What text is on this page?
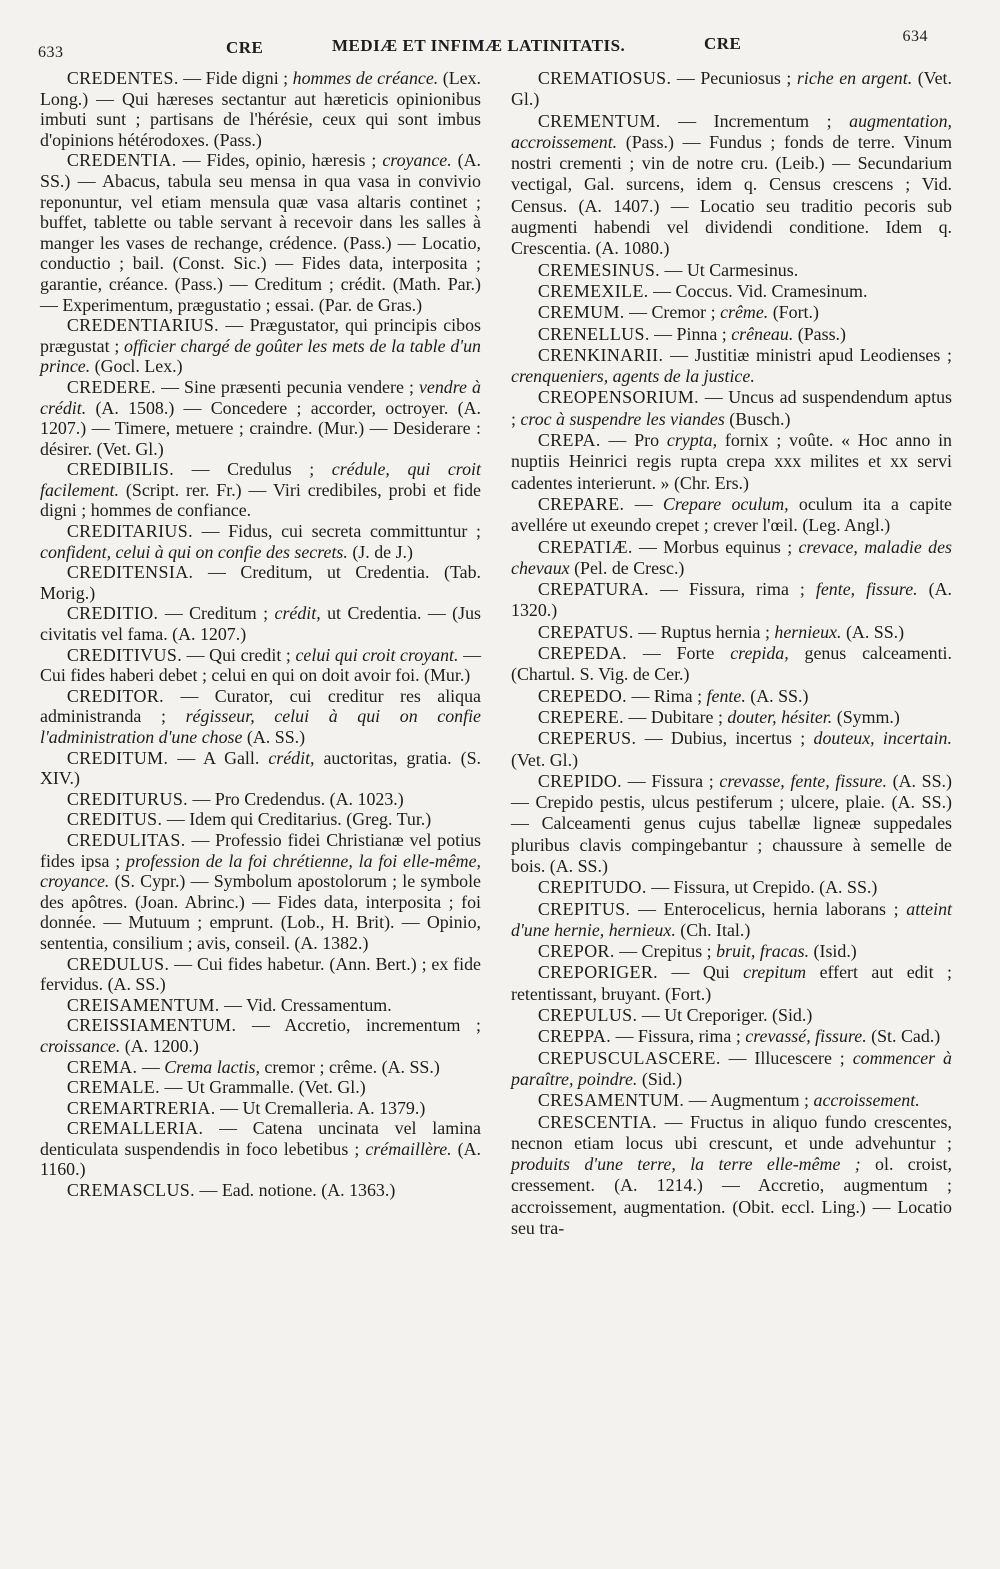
633	CRE	MEDIÆ ET INFIMÆ LATINITATIS.	CRE	634

CREDENTES. — Fide digni ; hommes de créance. (Lex. Long.) — Qui hæreses sectantur aut hæreticis opinionibus imbuti sunt ; partisans de l'hérésie, ceux qui sont imbus d'opinions hétérodoxes. (Pass.)

CREDENTIA. — Fides, opinio, hæresis ; croyance. (A. SS.) — Abacus, tabula seu mensa in qua vasa in convivio reponuntur, vel etiam mensula quæ vasa altaris continet ; buffet, tablette ou table servant à recevoir dans les salles à manger les vases de rechange, crédence. (Pass.) — Locatio, conductio ; bail. (Const. Sic.) — Fides data, interposita ; garantie, créance. (Pass.) — Creditum ; crédit. (Math. Par.) — Experimentum, prægustatio ; essai. (Par. de Gras.)

CREDENTIARIUS. — Prægustator, qui principis cibos prægustat ; officier chargé de goûter les mets de la table d'un prince. (Gocl. Lex.)

CREDERE. — Sine præsenti pecunia vendere ; vendre à crédit. (A. 1508.) — Concedere ; accorder, octroyer. (A. 1207.) — Timere, metuere ; craindre. (Mur.) — Desiderare : désirer. (Vet. Gl.)

CREDIBILIS. — Credulus ; crédule, qui croit facilement. (Script. rer. Fr.) — Viri credibiles, probi et fide digni ; hommes de confiance.

CREDITARIUS. — Fidus, cui secreta committuntur ; confident, celui à qui on confie des secrets. (J. de J.)

CREDITENSIA. — Creditum, ut Credentia. (Tab. Morig.)

CREDITIO. — Creditum ; crédit, ut Credentia. — (Jus civitatis vel fama. (A. 1207.)

CREDITIVUS. — Qui credit ; celui qui croit croyant. — Cui fides haberi debet ; celui en qui on doit avoir foi. (Mur.)

CREDITOR. — Curator, cui creditur res aliqua administranda ; régisseur, celui à qui on confie l'administration d'une chose (A. SS.)

CREDITUM. — A Gall. crédit, auctoritas, gratia. (S. XIV.)

CREDITURUS. — Pro Credendus. (A. 1023.)

CREDITUS. — Idem qui Creditarius. (Greg. Tur.)

CREDULITAS. — Professio fidei Christianæ vel potius fides ipsa ; profession de la foi chrétienne, la foi elle-même, croyance. (S. Cypr.) — Symbolum apostolorum ; le symbole des apôtres. (Joan. Abrinc.) — Fides data, interposita ; foi donnée. — Mutuum ; emprunt. (Lob., H. Brit). — Opinio, sententia, consilium ; avis, conseil. (A. 1382.)

CREDULUS. — Cui fides habetur. (Ann. Bert.) ; ex fide fervidus. (A. SS.)

CREISAMENTUM. — Vid. Cressamentum.

CREISSIAMENTUM. — Accretio, incrementum ; croissance. (A. 1200.)

CREMA. — Crema lactis, cremor ; crême. (A. SS.)

CREMALE. — Ut Grammalle. (Vet. Gl.)

CREMARTRERIA. — Ut Cremalleria. A. 1379.)

CREMALLERIA. — Catena uncinata vel lamina denticulata suspendendis in foco lebetibus ; crémaillère. (A. 1160.)

CREMASCLUS. — Ead. notione. (A. 1363.)

CREMATIOSUS. — Pecuniosus ; riche en argent. (Vet. Gl.)

CREMENTUM. — Incrementum ; augmentation, accroissement. (Pass.) — Fundus ; fonds de terre. Vinum nostri crementi ; vin de notre cru. (Leib.) — Secundarium vectigal, Gal. surcens, idem q. Census crescens ; Vid. Census. (A. 1407.) — Locatio seu traditio pecoris sub augmenti habendi vel dividendi conditione. Idem q. Crescentia. (A. 1080.)

CREMESINUS. — Ut Carmesinus.

CREMEXILE. — Coccus. Vid. Cramesinum.

CREMUM. — Cremor ; crême. (Fort.)

CRENELLUS. — Pinna ; crêneau. (Pass.)

CRENKINARII. — Justitiæ ministri apud Leodienses ; crenqueniers, agents de la justice.

CREOPENSORIUM. — Uncus ad suspendendum aptus ; croc à suspendre les viandes (Busch.)

CREPA. — Pro crypta, fornix ; voûte. « Hoc anno in nuptiis Heinrici regis rupta crepa xxx milites et xx servi cadentes interierunt. » (Chr. Ers.)

CREPARE. — Crepare oculum, oculum ita a capite avellére ut exeundo crepet ; crever l'œil. (Leg. Angl.)

CREPATIÆ. — Morbus equinus ; crevace, maladie des chevaux (Pel. de Cresc.)

CREPATURA. — Fissura, rima ; fente, fissure. (A. 1320.)

CREPATUS. — Ruptus hernia ; hernieux. (A. SS.)

CREPEDA. — Forte crepida, genus calceamenti. (Chartul. S. Vig. de Cer.)

CREPEDO. — Rima ; fente. (A. SS.)

CREPERE. — Dubitare ; douter, hésiter. (Symm.)

CREPERUS. — Dubius, incertus ; douteux, incertain. (Vet. Gl.)

CREPIDO. — Fissura ; crevasse, fente, fissure. (A. SS.) — Crepido pestis, ulcus pestiferum ; ulcere, plaie. (A. SS.) — Calceamenti genus cujus tabellæ ligneæ suppedales pluribus clavis compingebantur ; chaussure à semelle de bois. (A. SS.)

CREPITUDO. — Fissura, ut Crepido. (A. SS.)

CREPITUS. — Enterocelicus, hernia laborans ; atteint d'une hernie, hernieux. (Ch. Ital.)

CREPOR. — Crepitus ; bruit, fracas. (Isid.)

CREPORIGER. — Qui crepitum effert aut edit ; retentissant, bruyant. (Fort.)

CREPULUS. — Ut Creporiger. (Sid.)

CREPPA. — Fissura, rima ; crevassé, fissure. (St. Cad.)

CREPUSCULASCERE. — Illucescere ; commencer à paraître, poindre. (Sid.)

CRESAMENTUM. — Augmentum ; accroissement.

CRESCENTIA. — Fructus in aliquo fundo crescentes, necnon etiam locus ubi crescunt, et unde advehuntur ; produits d'une terre, la terre elle-même ; ol. croist, cressement. (A. 1214.) — Accretio, augmentum ; accroissement, augmentation. (Obit. eccl. Ling.) — Locatio seu tra-
